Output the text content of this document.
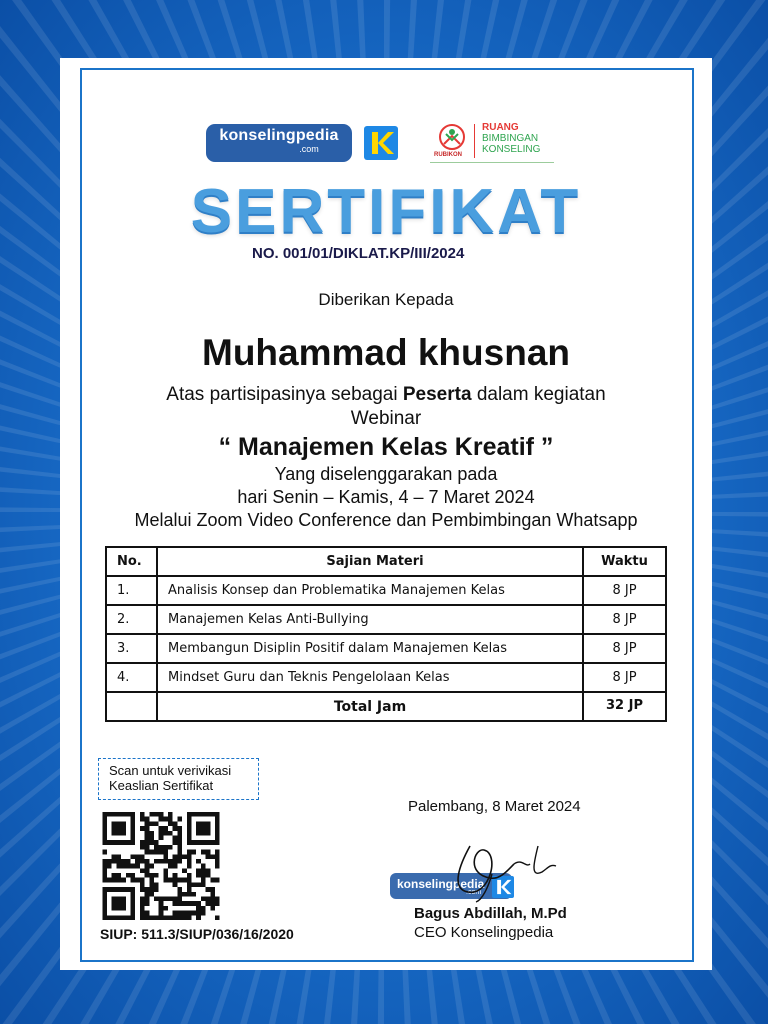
konselingpedia
.com
RUBIKON
RUANG
BIMBINGAN
KONSELING
SERTIFIKAT
NO. 001/01/DIKLAT.KP/III/2024
Diberikan Kepada
Muhammad khusnan
Atas partisipasinya sebagai Peserta dalam kegiatan
Webinar
“ Manajemen Kelas Kreatif ”
Yang diselenggarakan pada
hari Senin – Kamis, 4 – 7 Maret 2024
Melalui Zoom Video Conference dan Pembimbingan Whatsapp
No.	Sajian Materi	Waktu
1.	Analisis Konsep dan Problematika Manajemen Kelas	8 JP
2.	Manajemen Kelas Anti-Bullying	8 JP
3.	Membangun Disiplin Positif dalam Manajemen Kelas	8 JP
4.	Mindset Guru dan Teknis Pengelolaan Kelas	8 JP
	Total Jam	32 JP
Scan untuk verivikasi
Keaslian Sertifikat
SIUP: 511.3/SIUP/036/16/2020
Palembang, 8 Maret 2024
konselingpedia
.com
Bagus Abdillah, M.Pd
CEO Konselingpedia
